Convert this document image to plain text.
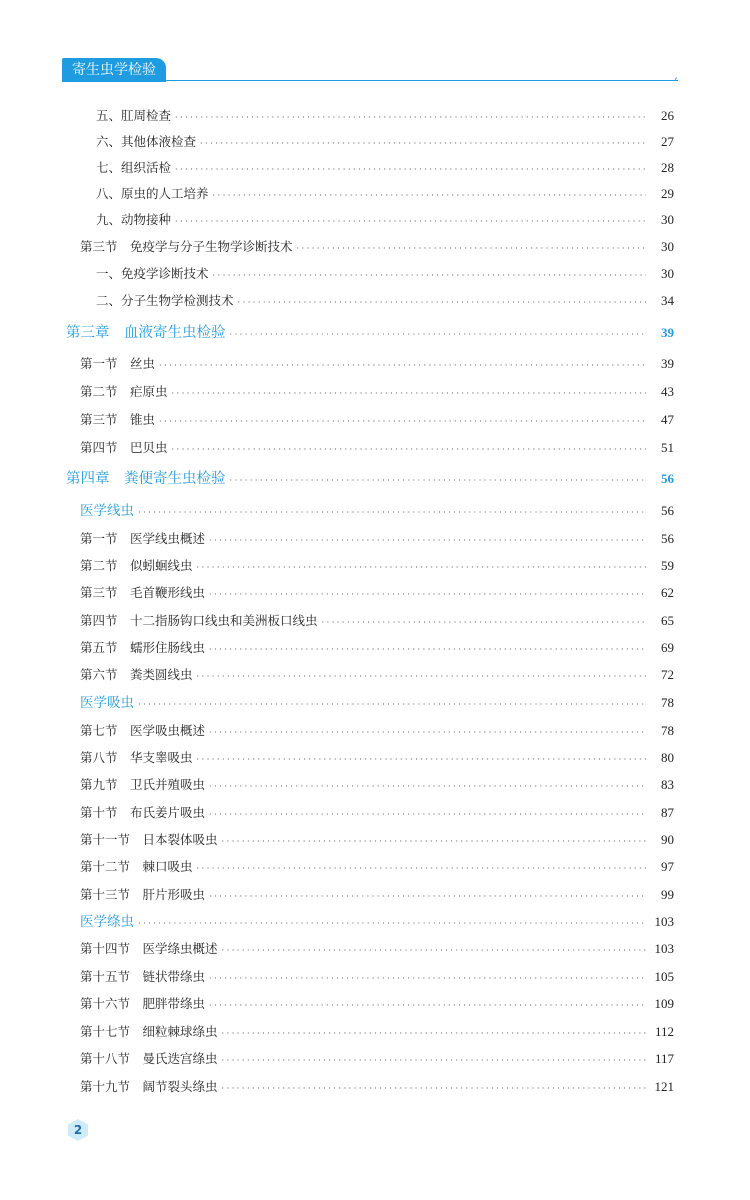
寄生虫学检验	,
五、肛周检查 · · ·	26
六、其他体液检查 · · ·	27
七、组织活检 · · ·	28
八、原虫的人工培养 · · ·	29
九、动物接种 · · ·	30
第三节　免疫学与分子生物学诊断技术 · · ·	30
一、免疫学诊断技术 · · ·	30
二、分子生物学检测技术 · · ·	34
第三章　血液寄生虫检验 · · ·	39
第一节　丝虫 · · ·	39
第二节　疟原虫 · · ·	43
第三节　锥虫 · · ·	47
第四节　巴贝虫 · · ·	51
第四章　粪便寄生虫检验 · · ·	56
医学线虫 · · ·	56
第一节　医学线虫概述 · · ·	56
第二节　似蚓蛔线虫 · · ·	59
第三节　毛首鞭形线虫 · · ·	62
第四节　十二指肠钩口线虫和美洲板口线虫 · · ·	65
第五节　蠕形住肠线虫 · · ·	69
第六节　粪类圆线虫 · · ·	72
医学吸虫 · · ·	78
第七节　医学吸虫概述 · · ·	78
第八节　华支睾吸虫 · · ·	80
第九节　卫氏并殖吸虫 · · ·	83
第十节　布氏姜片吸虫 · · ·	87
第十一节　日本裂体吸虫 · · ·	90
第十二节　棘口吸虫 · · ·	97
第十三节　肝片形吸虫 · · ·	99
医学绦虫 · · ·	103
第十四节　医学绦虫概述 · · ·	103
第十五节　链状带绦虫 · · ·	105
第十六节　肥胖带绦虫 · · ·	109
第十七节　细粒棘球绦虫 · · ·	112
第十八节　曼氏迭宫绦虫 · · ·	117
第十九节　阔节裂头绦虫 · · ·	121
2
